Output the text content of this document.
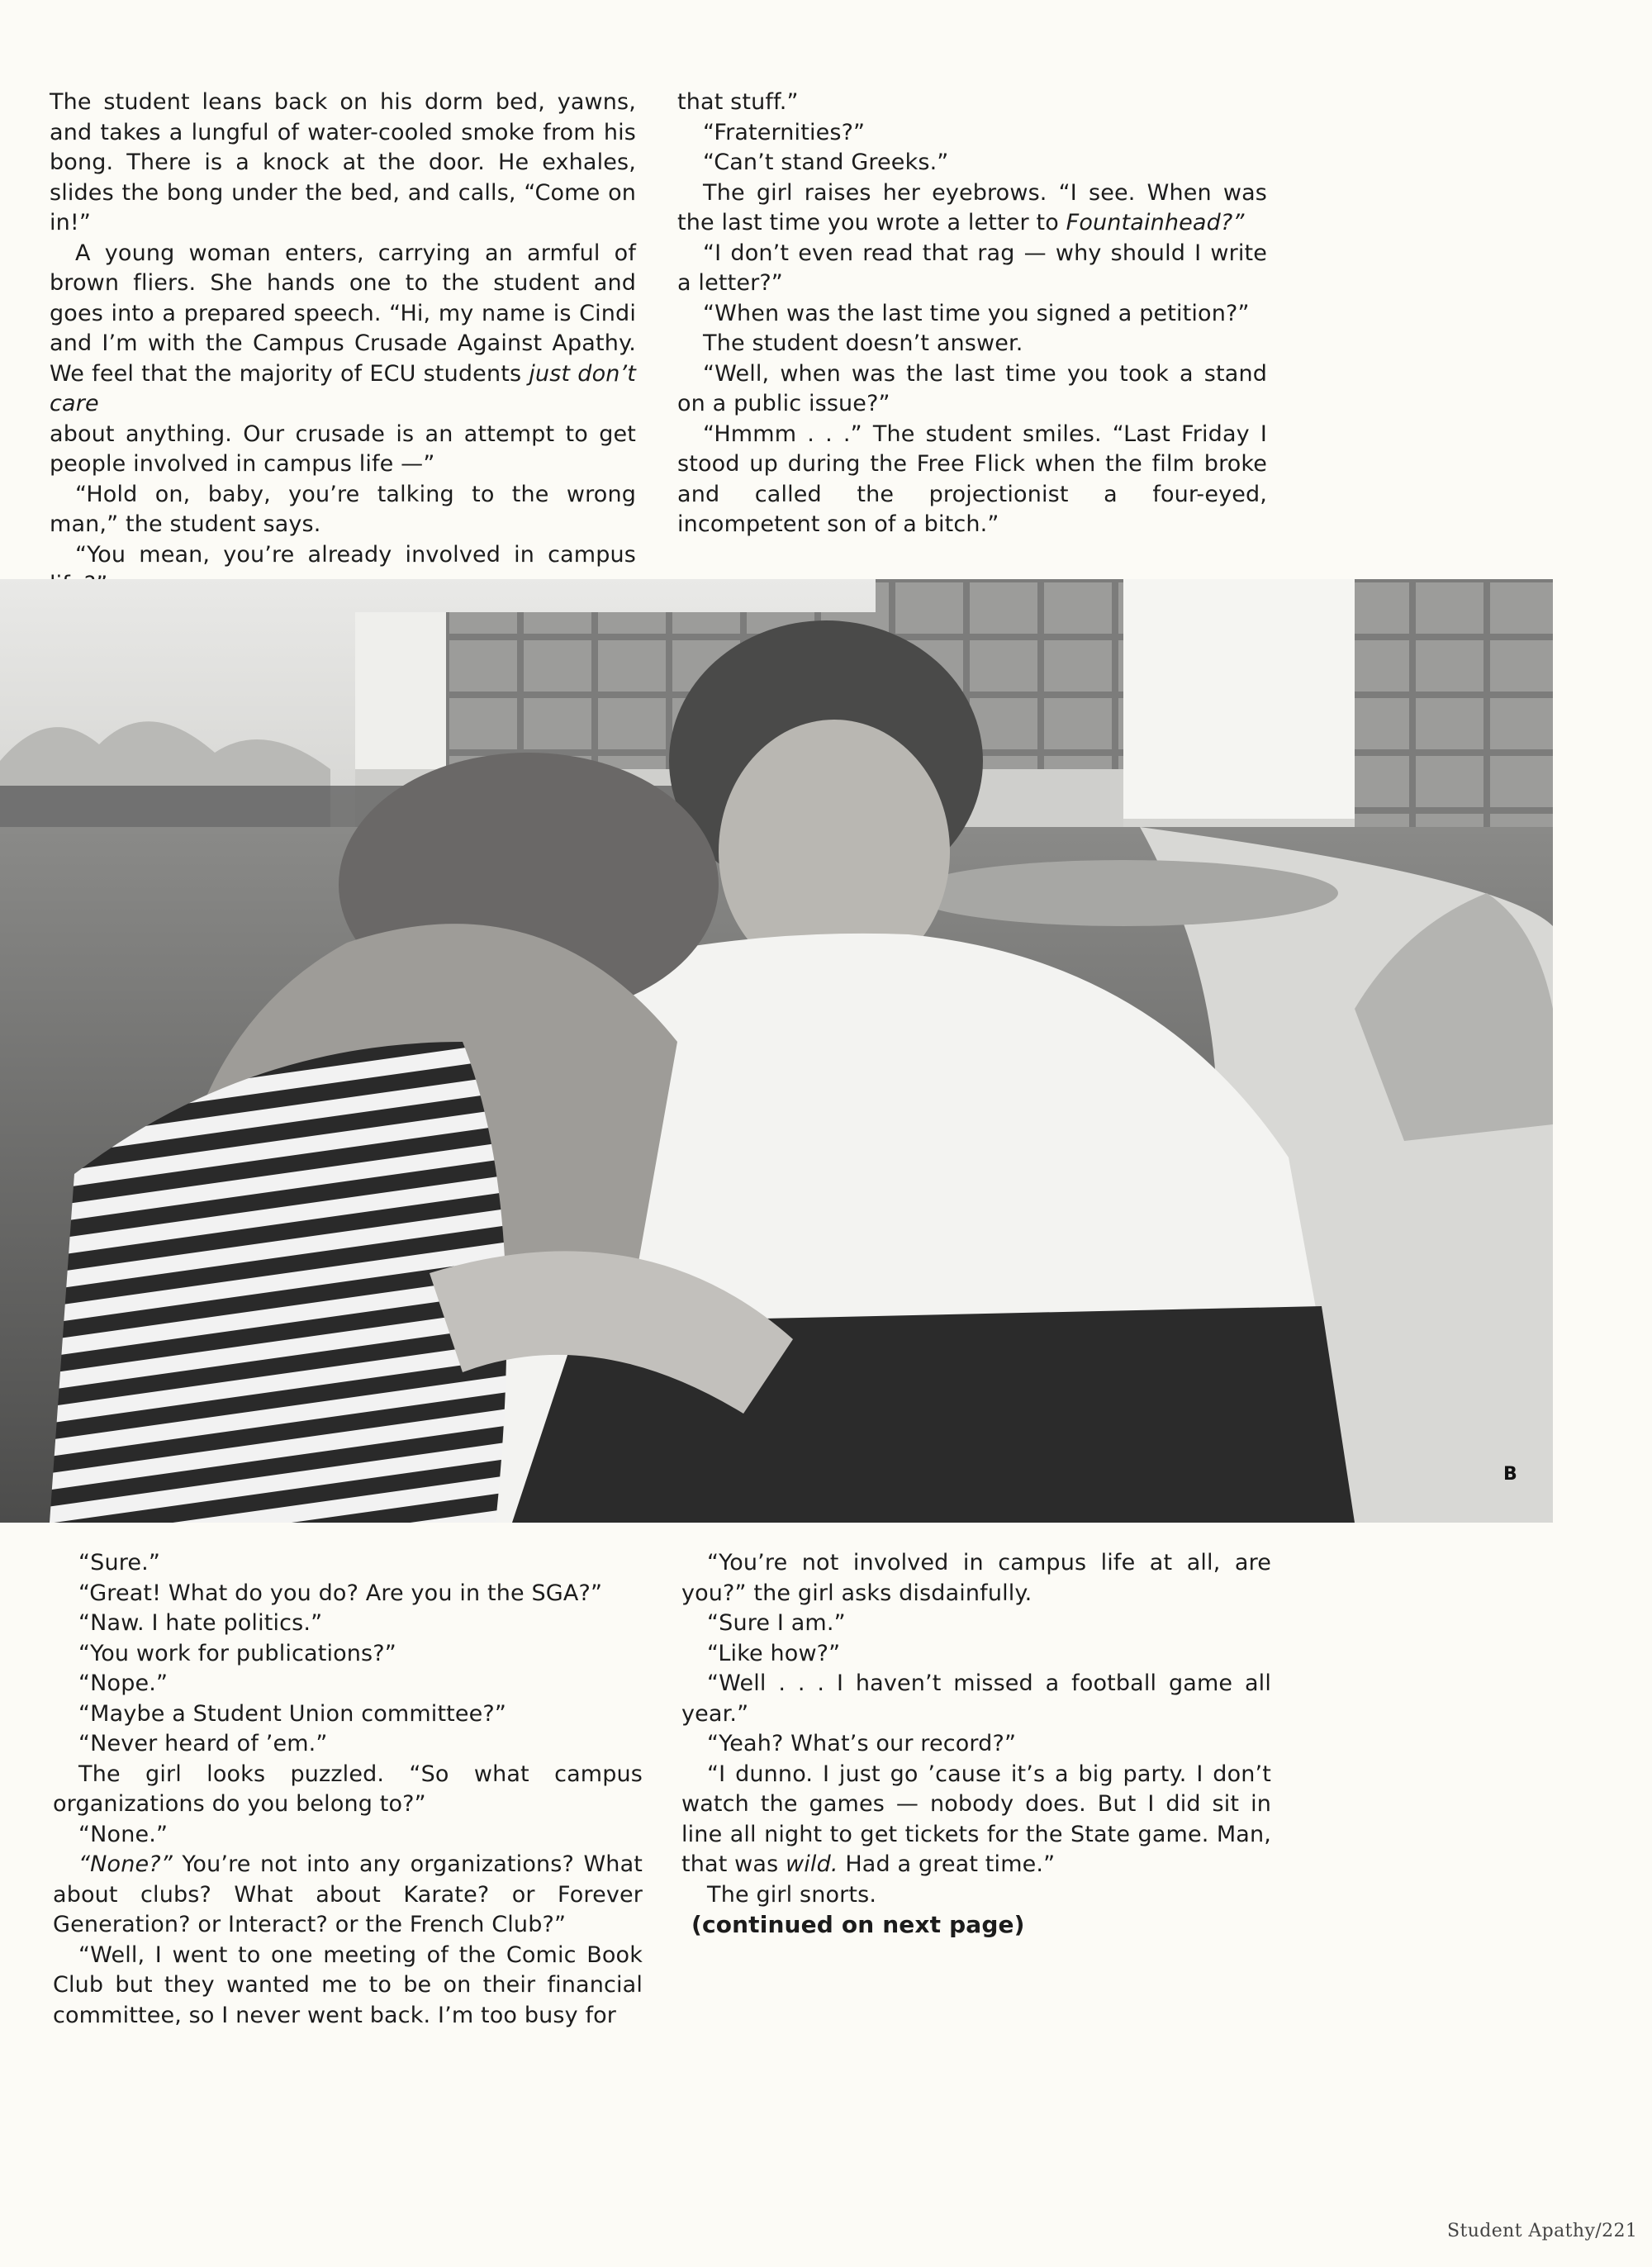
The student leans back on his dorm bed, yawns, and takes a lungful of water-cooled smoke from his bong. There is a knock at the door. He exhales, slides the bong under the bed, and calls, “Come on in!”

A young woman enters, carrying an armful of brown fliers. She hands one to the student and goes into a prepared speech. “Hi, my name is Cindi and I’m with the Campus Crusade Against Apathy. We feel that the majority of ECU students just don’t care

about anything. Our crusade is an attempt to get people involved in campus life —”

“Hold on, baby, you’re talking to the wrong man,” the student says.

“You mean, you’re already involved in campus

that stuff.”

“Fraternities?”

“Can’t stand Greeks.”

The girl raises her eyebrows. “I see. When was the last time you wrote a letter to Fountainhead?”

“I don’t even read that rag — why should I write a letter?”

“When was the last time you signed a petition?”

The student doesn’t answer.

“Well, when was the last time you took a stand on a public issue?”

“Hmmm . . .” The student smiles. “Last Friday I stood up during the Free Flick when the film broke and called the projectionist a four-eyed, incompetent son of a bitch.”

B

“Sure.”

“Great! What do you do? Are you in the SGA?”

“Naw. I hate politics.”

“You work for publications?”

“Nope.”

“Maybe a Student Union committee?”

“Never heard of ’em.”

The girl looks puzzled. “So what campus organizations do you belong to?”

“None.”

“None?” You’re not into any organizations? What about clubs? What about Karate? or Forever Generation? or Interact? or the French Club?”

“Well, I went to one meeting of the Comic Book Club but they wanted me to be on their financial committee, so I never went back. I’m too busy for

“You’re not involved in campus life at all, are you?” the girl asks disdainfully.

“Sure I am.”

“Like how?”

“Well . . . I haven’t missed a football game all year.”

“Yeah? What’s our record?”

“I dunno. I just go ’cause it’s a big party. I don’t watch the games — nobody does. But I did sit in line all night to get tickets for the State game. Man, that was wild. Had a great time.”

The girl snorts.

(continued on next page)

Student Apathy/221
